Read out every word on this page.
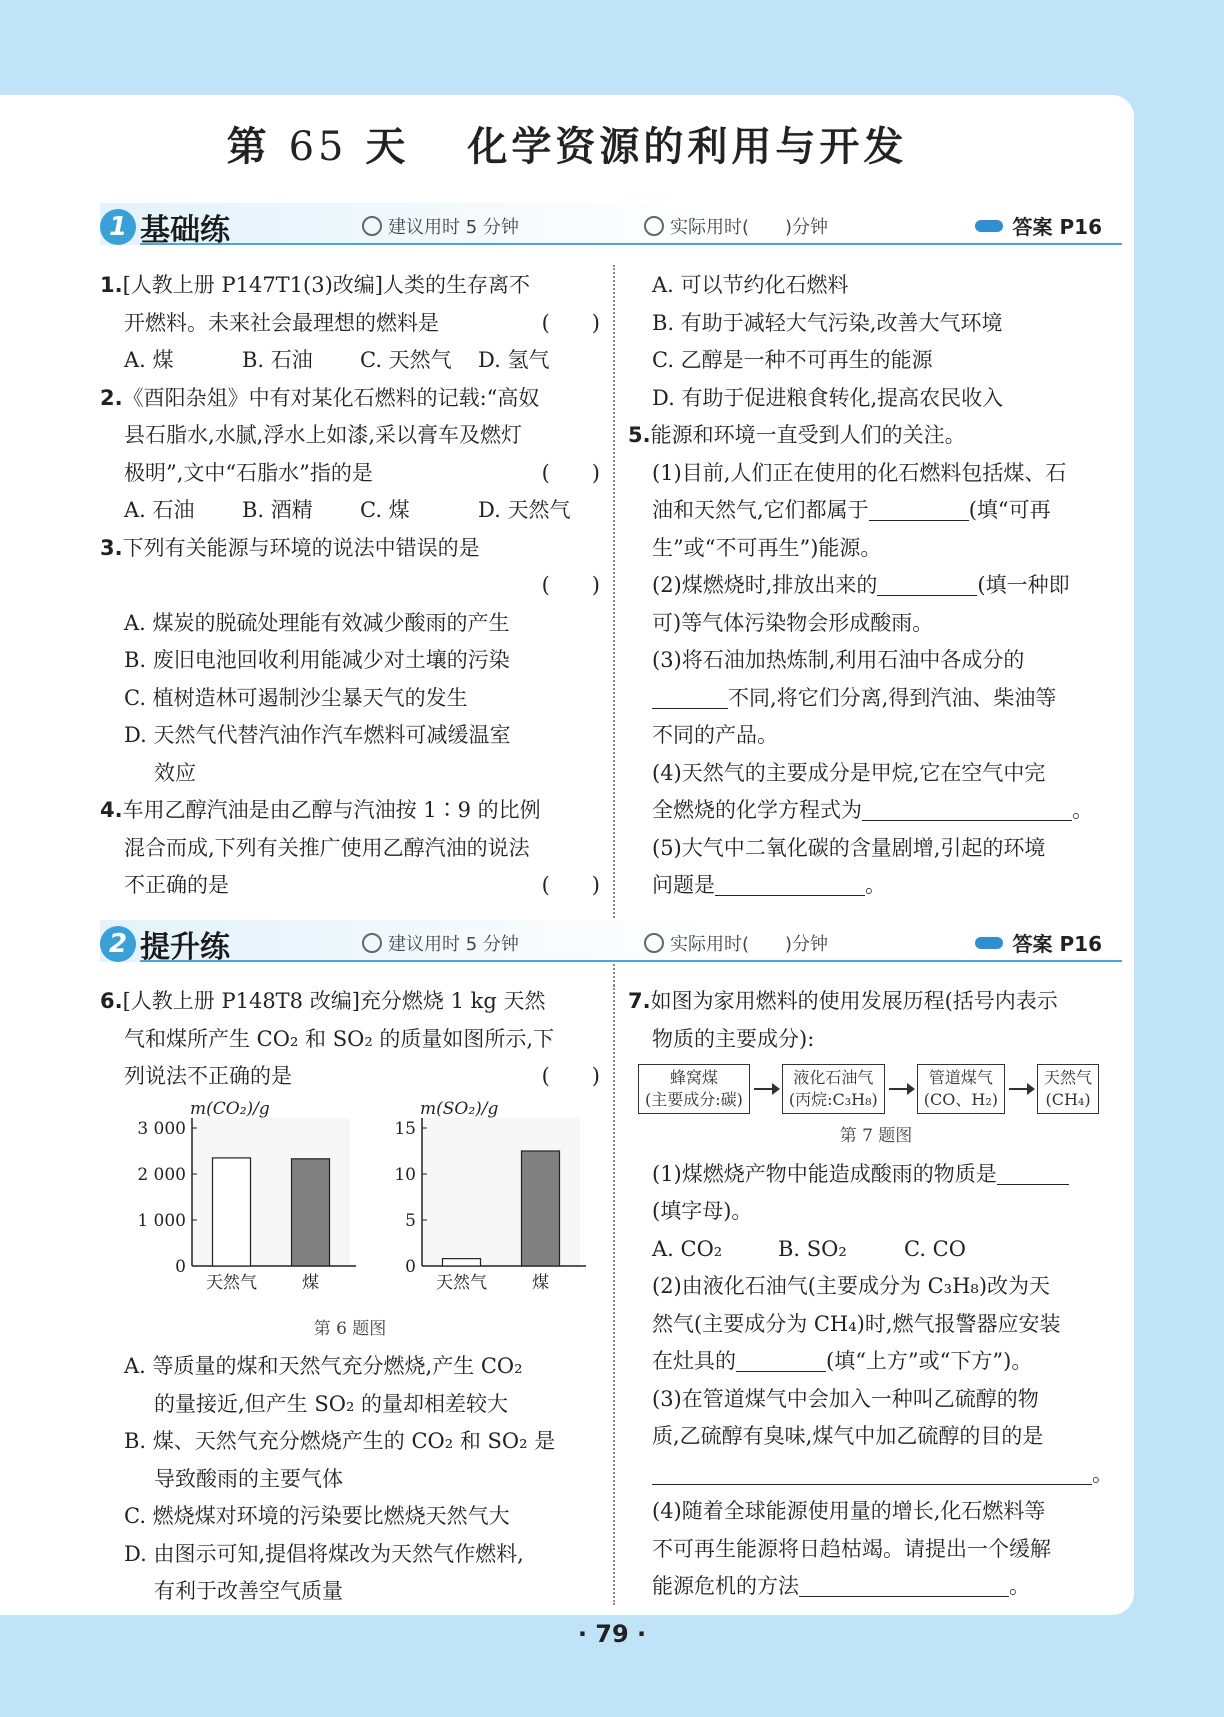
第 65 天 化学资源的利用与开发
1 基础练	建议用时 5 分钟	实际用时(　　)分钟	答案 P16

1.[人教上册 P147T1(3)改编]人类的生存离不

开燃料。未来社会最理想的燃料是	(　　)

A. 煤	B. 石油 C. 天然气 D. 氢气

2.《酉阳杂俎》中有对某化石燃料的记载:“高奴

县石脂水,水腻,浮水上如漆,采以膏车及燃灯

极明”,文中“石脂水”指的是	(　　)

A. 石油 B. 酒精 C. 煤	D. 天然气

3.下列有关能源与环境的说法中错误的是

(　　)

A. 煤炭的脱硫处理能有效减少酸雨的产生

B. 废旧电池回收利用能减少对土壤的污染

C. 植树造林可遏制沙尘暴天气的发生

D. 天然气代替汽油作汽车燃料可减缓温室

效应

4.车用乙醇汽油是由乙醇与汽油按 1∶9 的比例

混合而成,下列有关推广使用乙醇汽油的说法

不正确的是	(　　)

A. 可以节约化石燃料

B. 有助于减轻大气污染,改善大气环境

C. 乙醇是一种不可再生的能源

D. 有助于促进粮食转化,提高农民收入

5.能源和环境一直受到人们的关注。

(1)目前,人们正在使用的化石燃料包括煤、石

油和天然气,它们都属于	(填“可再

生”或“不可再生”)能源。

(2)煤燃烧时,排放出来的	(填一种即

可)等气体污染物会形成酸雨。

(3)将石油加热炼制,利用石油中各成分的

不同,将它们分离,得到汽油、柴油等

不同的产品。

(4)天然气的主要成分是甲烷,它在空气中完

全燃烧的化学方程式为	。

(5)大气中二氧化碳的含量剧增,引起的环境

问题是	。

2 提升练	建议用时 5 分钟	实际用时(　　)分钟	答案 P16

6.[人教上册 P148T8 改编]充分燃烧 1 kg 天然

气和煤所产生 CO₂ 和 SO₂ 的质量如图所示,下

列说法不正确的是	(　　)

m(CO₂)/g
0
1 000
2 000
3 000
天然气	煤
m(SO₂)/g
0
5
10
15
天然气	煤

第 6 题图

A. 等质量的煤和天然气充分燃烧,产生 CO₂

的量接近,但产生 SO₂ 的量却相差较大

B. 煤、天然气充分燃烧产生的 CO₂ 和 SO₂ 是

导致酸雨的主要气体

C. 燃烧煤对环境的污染要比燃烧天然气大

D. 由图示可知,提倡将煤改为天然气作燃料,

有利于改善空气质量

7.如图为家用燃料的使用发展历程(括号内表示

物质的主要成分):

蜂窝煤
(主要成分:碳)
液化石油气
(丙烷:C₃H₈)
管道煤气
(CO、H₂)
天然气
(CH₄)

第 7 题图

(1)煤燃烧产物中能造成酸雨的物质是

(填字母)。

A. CO₂	B. SO₂	C. CO

(2)由液化石油气(主要成分为 C₃H₈)改为天

然气(主要成分为 CH₄)时,燃气报警器应安装

在灶具的	(填“上方”或“下方”)。

(3)在管道煤气中会加入一种叫乙硫醇的物

质,乙硫醇有臭味,煤气中加乙硫醇的目的是

。

(4)随着全球能源使用量的增长,化石燃料等

不可再生能源将日趋枯竭。请提出一个缓解

能源危机的方法	。

· 79 ·
